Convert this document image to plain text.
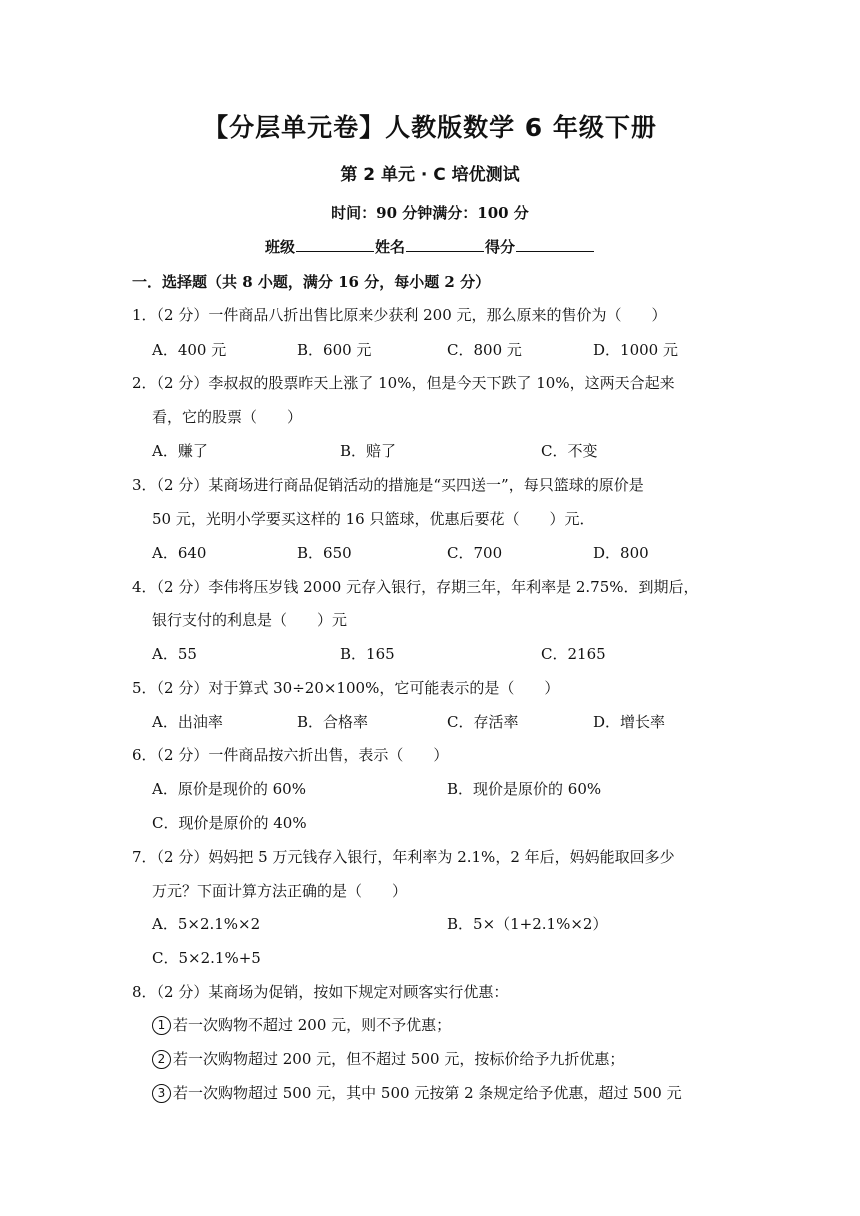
【分层单元卷】人教版数学 6 年级下册
第 2 单元 · C 培优测试
时间：90 分钟满分：100 分
班级	姓名	得分
一．选择题（共 8 小题，满分 16 分，每小题 2 分）
1．（2 分）一件商品八折出售比原来少获利 200 元，那么原来的售价为（　　）
A．400 元	B．600 元	C．800 元	D．1000 元
2．（2 分）李叔叔的股票昨天上涨了 10%，但是今天下跌了 10%，这两天合起来
看，它的股票（　　）
A．赚了	B．赔了	C．不变
3．（2 分）某商场进行商品促销活动的措施是“买四送一”，每只篮球的原价是
50 元，光明小学要买这样的 16 只篮球，优惠后要花（　　）元．
A．640	B．650	C．700	D．800
4．（2 分）李伟将压岁钱 2000 元存入银行，存期三年，年利率是 2.75%．到期后，
银行支付的利息是（　　）元
A．55	B．165	C．2165
5．（2 分）对于算式 30÷20×100%，它可能表示的是（　　）
A．出油率	B．合格率	C．存活率	D．增长率
6．（2 分）一件商品按六折出售，表示（　　）
A．原价是现价的 60%	B．现价是原价的 60%
C．现价是原价的 40%
7．（2 分）妈妈把 5 万元钱存入银行，年利率为 2.1%，2 年后，妈妈能取回多少
万元？下面计算方法正确的是（　　）
A．5×2.1%×2	B．5×（1+2.1%×2）
C．5×2.1%+5
8．（2 分）某商场为促销，按如下规定对顾客实行优惠：
1 若一次购物不超过 200 元，则不予优惠；
2 若一次购物超过 200 元，但不超过 500 元，按标价给予九折优惠；
3 若一次购物超过 500 元，其中 500 元按第 2 条规定给予优惠，超过 500 元
